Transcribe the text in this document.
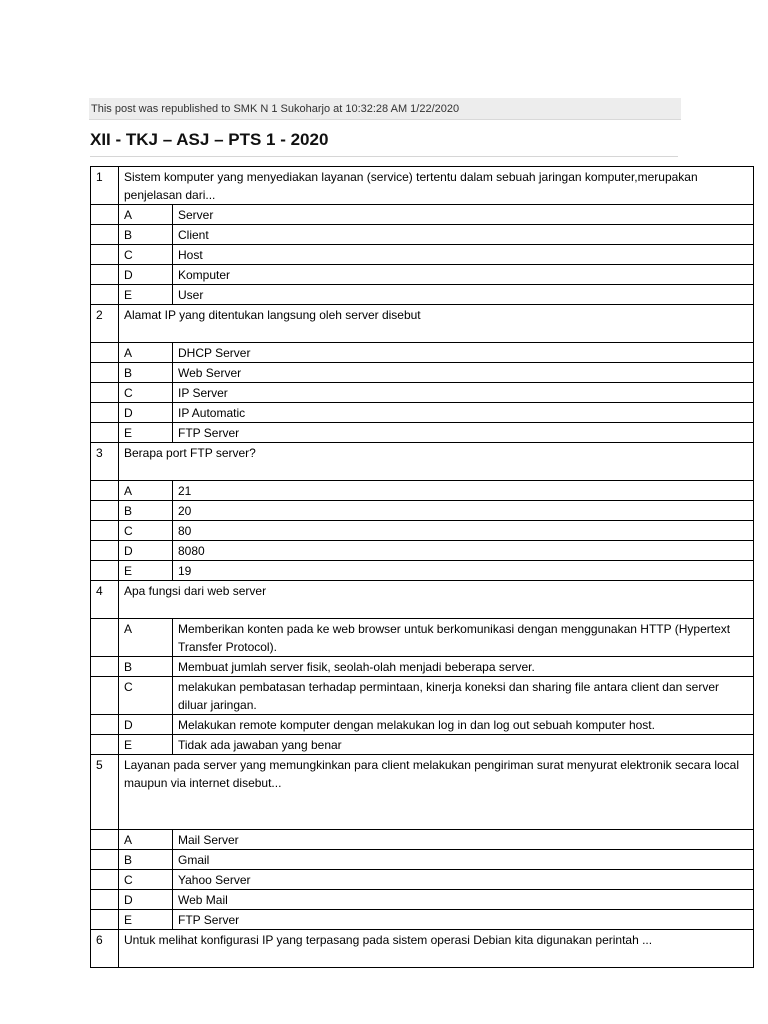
This post was republished to SMK N 1 Sukoharjo at 10:32:28 AM 1/22/2020
XII - TKJ – ASJ – PTS 1 - 2020
1	Sistem komputer yang menyediakan layanan (service) tertentu dalam sebuah jaringan komputer,merupakan penjelasan dari...	
	A	Server
	B	Client
	C	Host
	D	Komputer
	E	User
2	Alamat IP yang ditentukan langsung oleh server disebut	
	A	DHCP Server
	B	Web Server
	C	IP Server
	D	IP Automatic
	E	FTP Server
3	Berapa port FTP server?	
	A	21
	B	20
	C	80
	D	8080
	E	19
4	Apa fungsi dari web server	
	A	Memberikan konten pada ke web browser untuk berkomunikasi dengan menggunakan HTTP (Hypertext Transfer Protocol).
	B	Membuat jumlah server fisik, seolah-olah menjadi beberapa server.
	C	melakukan pembatasan terhadap permintaan, kinerja koneksi dan sharing file antara client dan server diluar jaringan.
	D	Melakukan remote komputer dengan melakukan log in dan log out sebuah komputer host.
	E	Tidak ada jawaban yang benar
5	Layanan pada server yang memungkinkan para client melakukan pengiriman surat menyurat elektronik secara local maupun via internet disebut...	
	A	Mail Server
	B	Gmail
	C	Yahoo Server
	D	Web Mail
	E	FTP Server
6	Untuk melihat konfigurasi IP yang terpasang pada sistem operasi Debian kita digunakan perintah ...	
